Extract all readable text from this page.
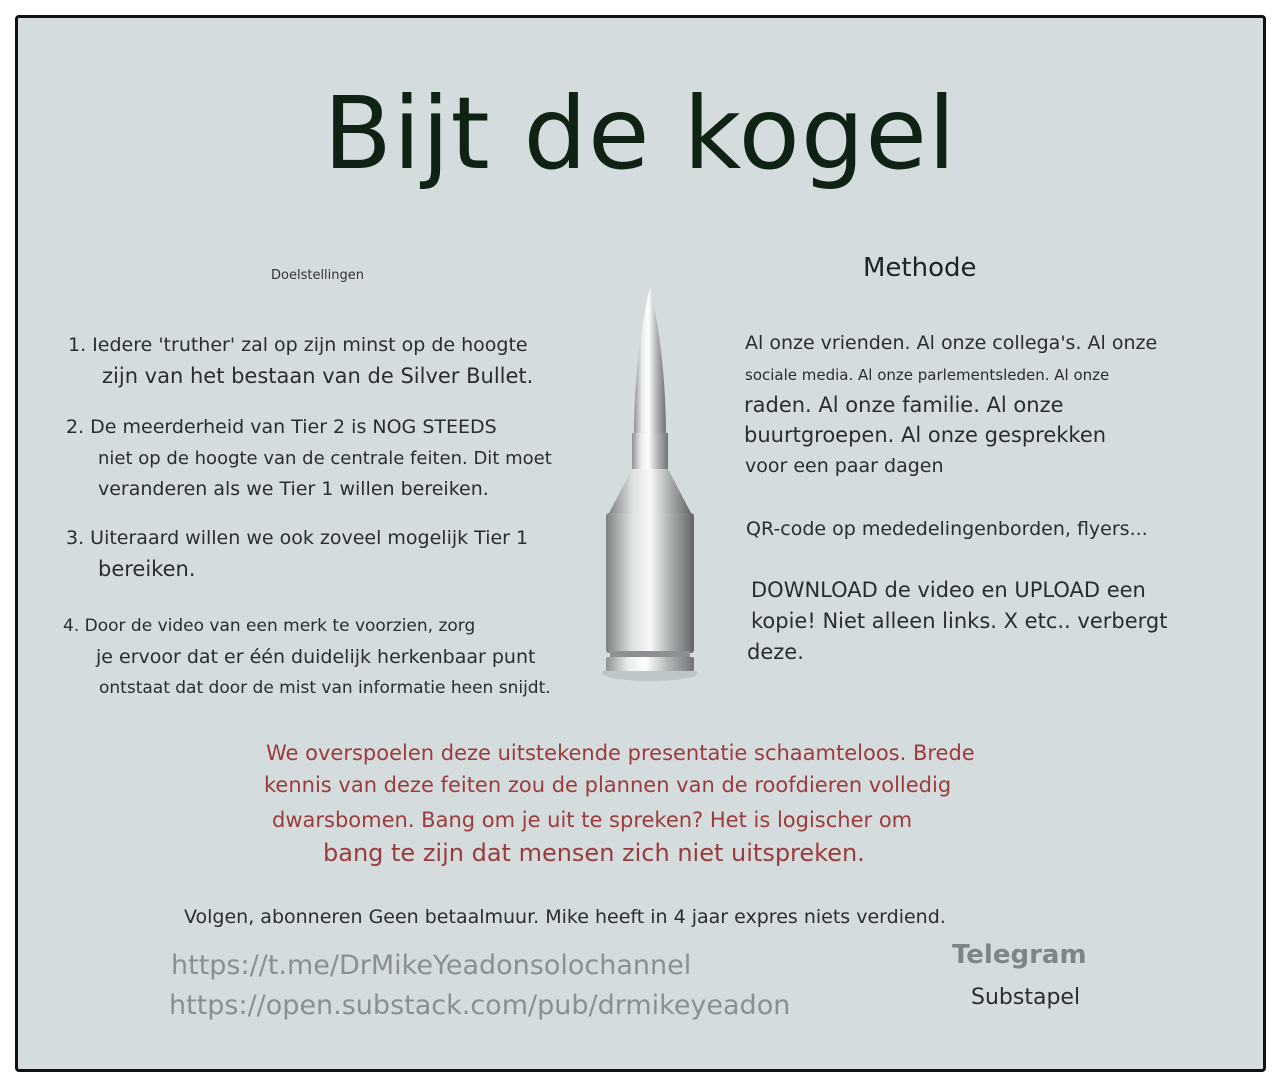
Bijt de kogel
Doelstellingen
1. Iedere 'truther' zal op zijn minst op de hoogte
zijn van het bestaan van de Silver Bullet.
2. De meerderheid van Tier 2 is NOG STEEDS
niet op de hoogte van de centrale feiten. Dit moet
veranderen als we Tier 1 willen bereiken.
3. Uiteraard willen we ook zoveel mogelijk Tier 1
bereiken.
4. Door de video van een merk te voorzien, zorg
je ervoor dat er één duidelijk herkenbaar punt
ontstaat dat door de mist van informatie heen snijdt.
Methode
Al onze vrienden. Al onze collega's. Al onze
sociale media. Al onze parlementsleden. Al onze
raden. Al onze familie. Al onze
buurtgroepen. Al onze gesprekken
voor een paar dagen
QR-code op mededelingenborden, flyers...
DOWNLOAD de video en UPLOAD een
kopie! Niet alleen links. X etc.. verbergt
deze.
We overspoelen deze uitstekende presentatie schaamteloos. Brede
kennis van deze feiten zou de plannen van de roofdieren volledig
dwarsbomen. Bang om je uit te spreken? Het is logischer om
bang te zijn dat mensen zich niet uitspreken.
Volgen, abonneren Geen betaalmuur. Mike heeft in 4 jaar expres niets verdiend.
https://t.me/DrMikeYeadonsolochannel
https://open.substack.com/pub/drmikeyeadon
Telegram
Substapel
